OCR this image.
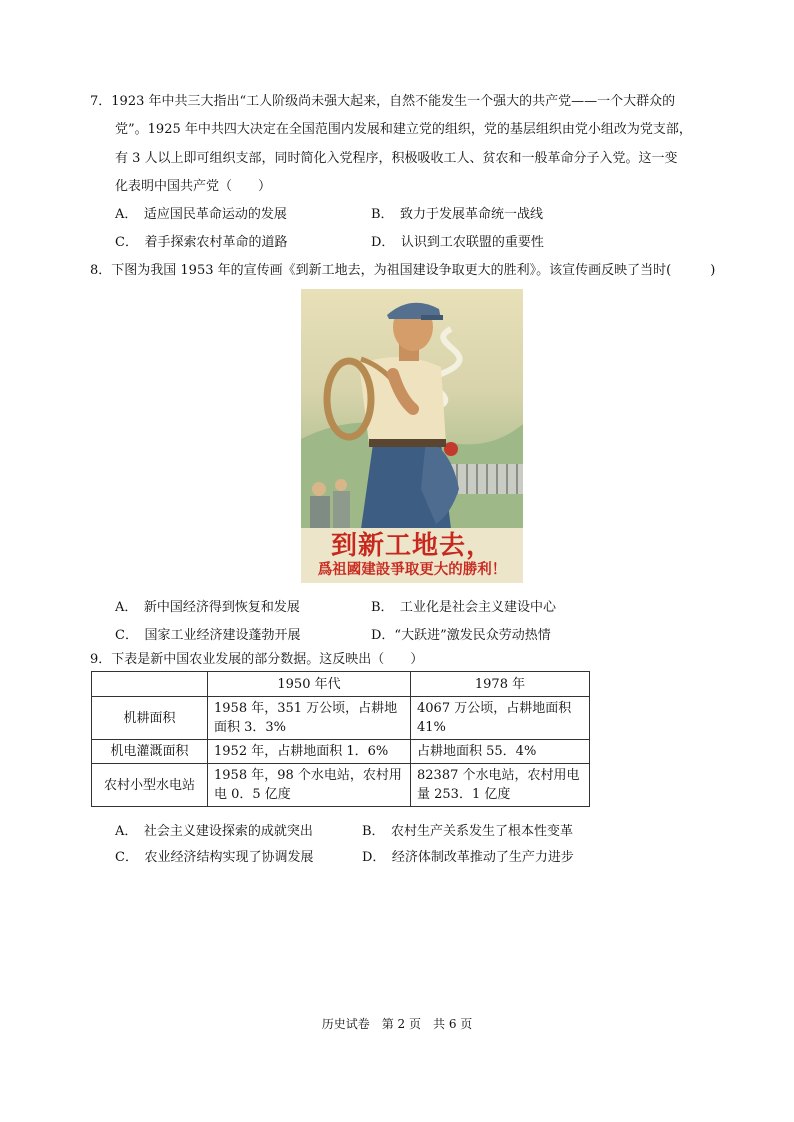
7．1923 年中共三大指出“工人阶级尚未强大起来，自然不能发生一个强大的共产党——一个大群众的
党”。1925 年中共四大决定在全国范围内发展和建立党的组织，党的基层组织由党小组改为党支部，
有 3 人以上即可组织支部，同时简化入党程序，积极吸收工人、贫农和一般革命分子入党。这一变
化表明中国共产党（　　）
A．　适应国民革命运动的发展	B．　致力于发展革命统一战线
C．　着手探索农村革命的道路	D．　认识到工农联盟的重要性
8．下图为我国 1953 年的宣传画《到新工地去，为祖国建设争取更大的胜利》。该宣传画反映了当时(　　　)
到新工地去，
爲祖國建設爭取更大的勝利！
A．　新中国经济得到恢复和发展	B．　工业化是社会主义建设中心
C．　国家工业经济建设蓬勃开展	D．“大跃进”激发民众劳动热情
9．下表是新中国农业发展的部分数据。这反映出（　　）
	1950 年代	1978 年
机耕面积	1958 年，351 万公顷，占耕地面积 3．3%	4067 万公顷，占耕地面积 41%
机电灌溉面积	1952 年，占耕地面积 1．6%	占耕地面积 55．4%
农村小型水电站	1958 年，98 个水电站，农村用电 0．5 亿度	82387 个水电站，农村用电量 253．1 亿度
A．　社会主义建设探索的成就突出	B．　农村生产关系发生了根本性变革
C．　农业经济结构实现了协调发展	D．　经济体制改革推动了生产力进步
历史试卷　第 2 页　共 6 页
